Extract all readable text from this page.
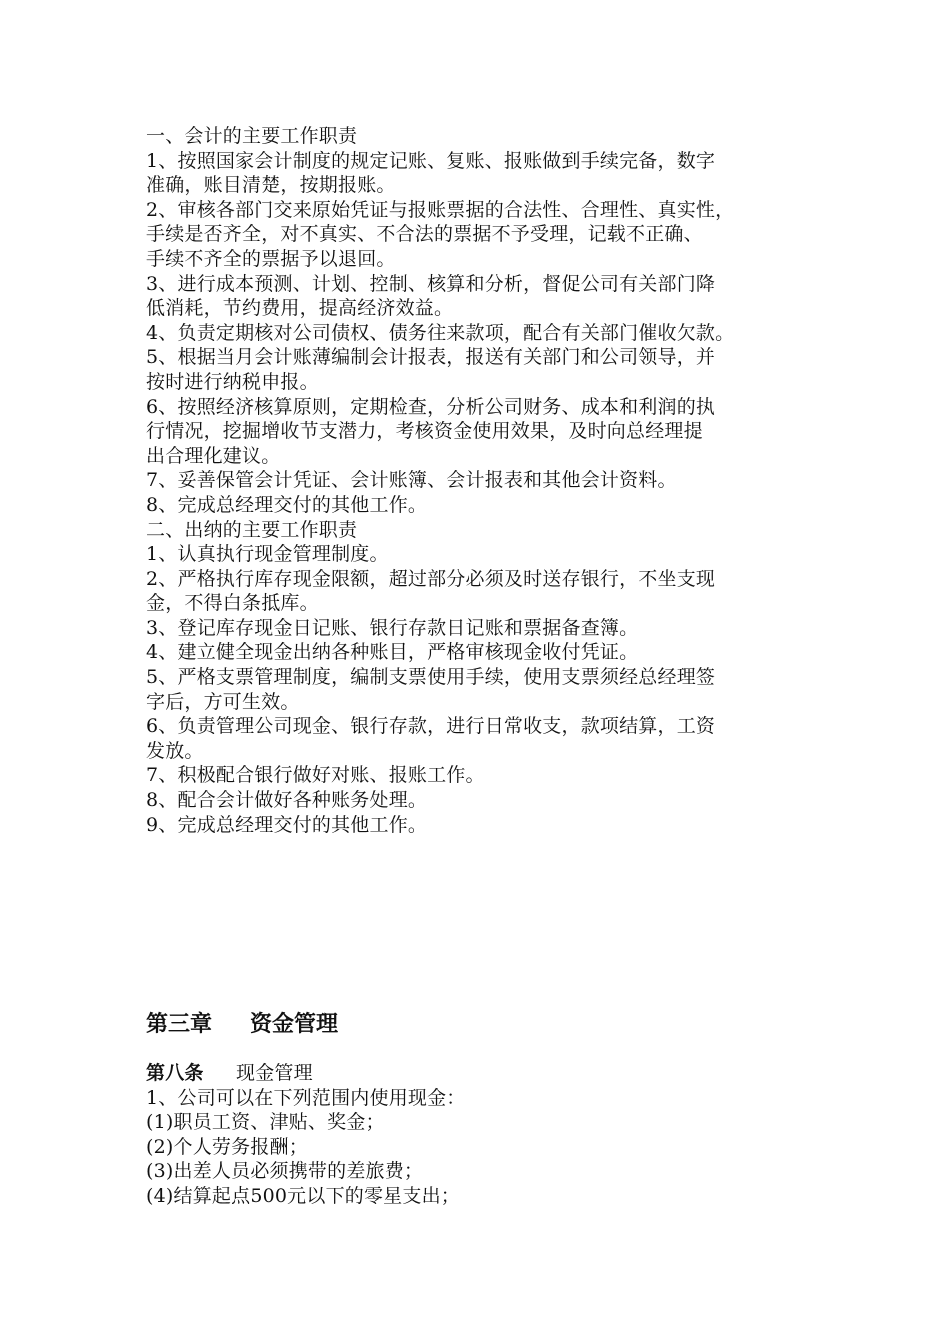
一、会计的主要工作职责
1、按照国家会计制度的规定记账、复账、报账做到手续完备，数字
准确，账目清楚，按期报账。
2、审核各部门交来原始凭证与报账票据的合法性、合理性、真实性，
手续是否齐全，对不真实、不合法的票据不予受理，记载不正确、
手续不齐全的票据予以退回。
3、进行成本预测、计划、控制、核算和分析，督促公司有关部门降
低消耗，节约费用，提高经济效益。
4、负责定期核对公司债权、债务往来款项，配合有关部门催收欠款。
5、根据当月会计账薄编制会计报表，报送有关部门和公司领导，并
按时进行纳税申报。
6、按照经济核算原则，定期检查，分析公司财务、成本和利润的执
行情况，挖掘增收节支潜力，考核资金使用效果，及时向总经理提
出合理化建议。
7、妥善保管会计凭证、会计账簿、会计报表和其他会计资料。
8、完成总经理交付的其他工作。
二、出纳的主要工作职责
1、认真执行现金管理制度。
2、严格执行库存现金限额，超过部分必须及时送存银行，不坐支现
金，不得白条抵库。
3、登记库存现金日记账、银行存款日记账和票据备查簿。
4、建立健全现金出纳各种账目，严格审核现金收付凭证。
5、严格支票管理制度，编制支票使用手续，使用支票须经总经理签
字后，方可生效。
6、负责管理公司现金、银行存款，进行日常收支，款项结算，工资
发放。
7、积极配合银行做好对账、报账工作。
8、配合会计做好各种账务处理。
9、完成总经理交付的其他工作。
第三章 资金管理
第八条 现金管理
1、公司可以在下列范围内使用现金：
(1)职员工资、津贴、奖金；
(2)个人劳务报酬；
(3)出差人员必须携带的差旅费；
(4)结算起点500元以下的零星支出；
